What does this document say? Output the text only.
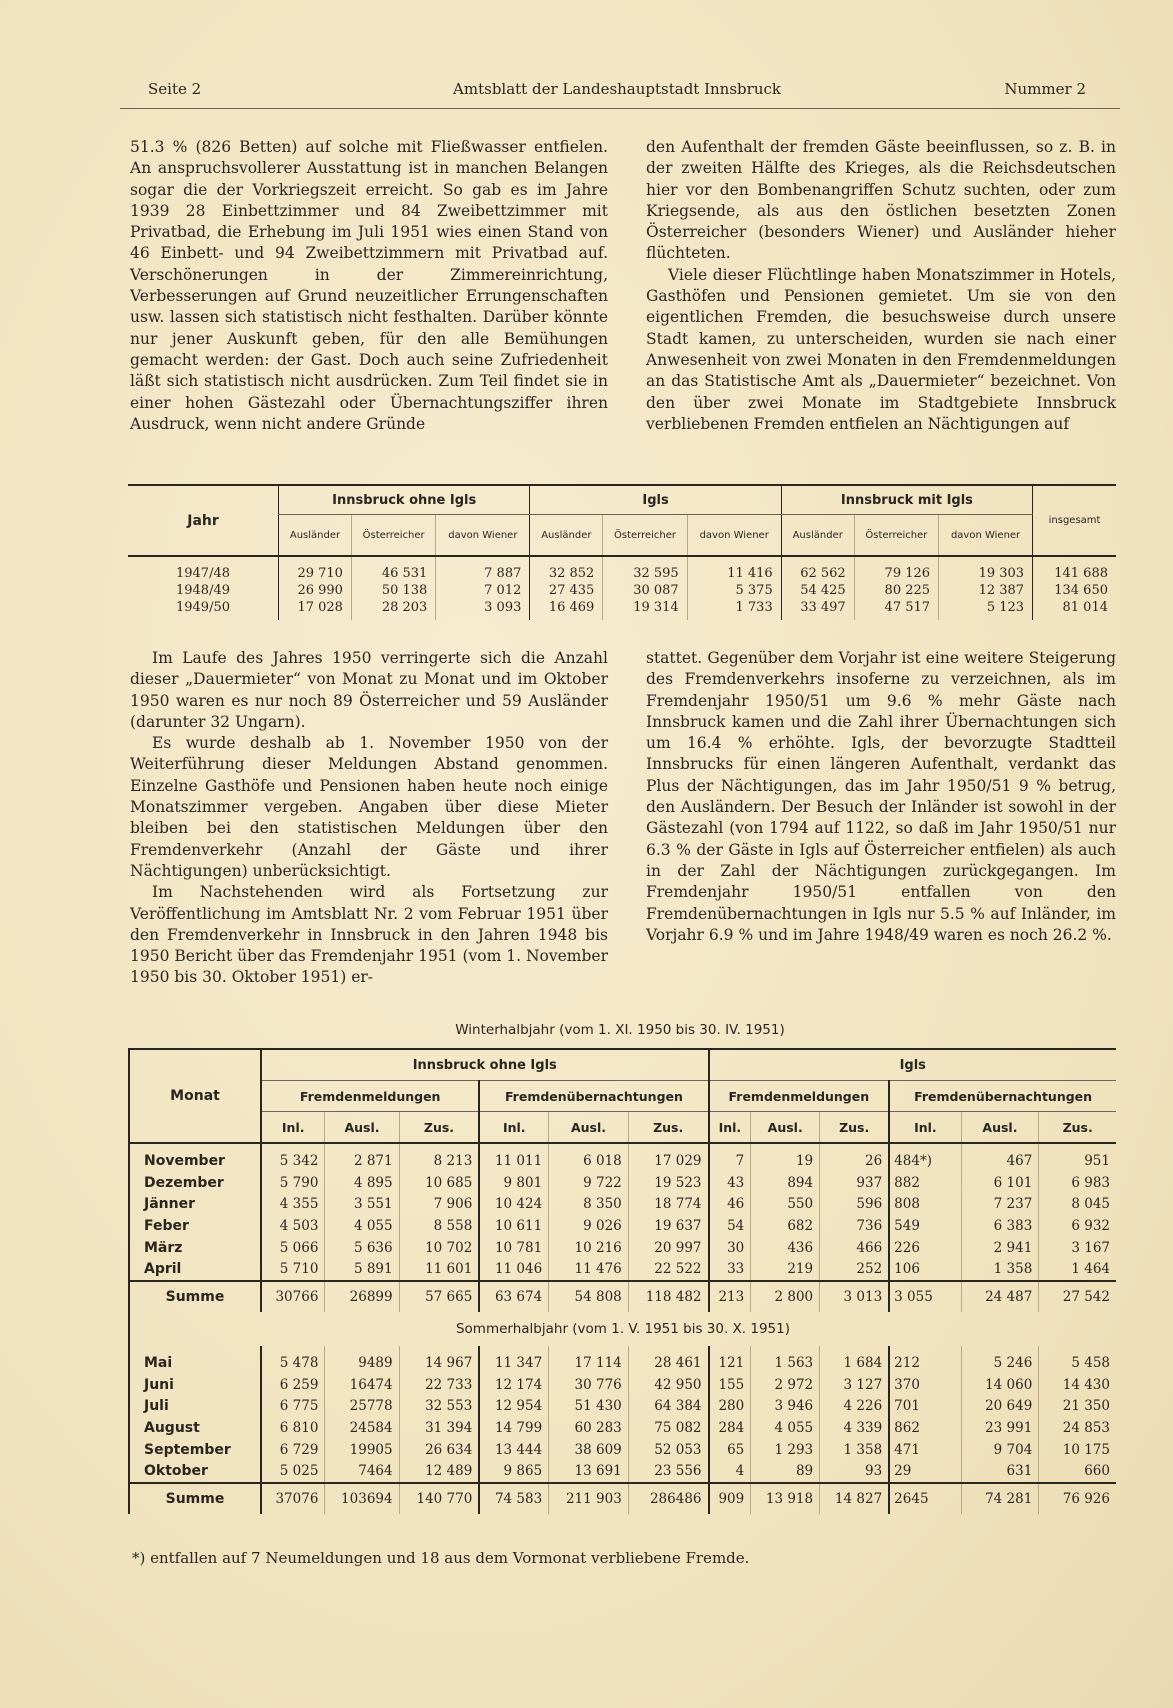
Seite 2	Amtsblatt der Landeshauptstadt Innsbruck	Nummer 2

51.3 % (826 Betten) auf solche mit Fließwasser entfielen. An anspruchsvollerer Ausstattung ist in manchen Belangen sogar die der Vorkriegszeit erreicht. So gab es im Jahre 1939 28 Einbettzimmer und 84 Zweibettzimmer mit Privatbad, die Erhebung im Juli 1951 wies einen Stand von 46 Einbett- und 94 Zweibettzimmern mit Privatbad auf. Verschönerungen in der Zimmereinrichtung, Verbesserungen auf Grund neuzeitlicher Errungenschaften usw. lassen sich statistisch nicht festhalten. Darüber könnte nur jener Auskunft geben, für den alle Bemühungen gemacht werden: der Gast. Doch auch seine Zufriedenheit läßt sich statistisch nicht ausdrücken. Zum Teil findet sie in einer hohen Gästezahl oder Übernachtungsziffer ihren Ausdruck, wenn nicht andere Gründe

den Aufenthalt der fremden Gäste beeinflussen, so z. B. in der zweiten Hälfte des Krieges, als die Reichsdeutschen hier vor den Bombenangriffen Schutz suchten, oder zum Kriegsende, als aus den östlichen besetzten Zonen Österreicher (besonders Wiener) und Ausländer hieher flüchteten.

Viele dieser Flüchtlinge haben Monatszimmer in Hotels, Gasthöfen und Pensionen gemietet. Um sie von den eigentlichen Fremden, die besuchsweise durch unsere Stadt kamen, zu unterscheiden, wurden sie nach einer Anwesenheit von zwei Monaten in den Fremdenmeldungen an das Statistische Amt als „Dauermieter“ bezeichnet. Von den über zwei Monate im Stadtgebiete Innsbruck verbliebenen Fremden entfielen an Nächtigungen auf

Jahr	Innsbruck ohne Igls			Igls			Innsbruck mit Igls			insgesamt
	Ausländer	Österreicher	davon Wiener	Ausländer	Österreicher	davon Wiener	Ausländer	Österreicher	davon Wiener	
1947/48	29 710	46 531	7 887	32 852	32 595	11 416	62 562	79 126	19 303	141 688
1948/49	26 990	50 138	7 012	27 435	30 087	5 375	54 425	80 225	12 387	134 650
1949/50	17 028	28 203	3 093	16 469	19 314	1 733	33 497	47 517	5 123	81 014

Im Laufe des Jahres 1950 verringerte sich die Anzahl dieser „Dauermieter“ von Monat zu Monat und im Oktober 1950 waren es nur noch 89 Österreicher und 59 Ausländer (darunter 32 Ungarn).

Es wurde deshalb ab 1. November 1950 von der Weiterführung dieser Meldungen Abstand genommen. Einzelne Gasthöfe und Pensionen haben heute noch einige Monatszimmer vergeben. Angaben über diese Mieter bleiben bei den statistischen Meldungen über den Fremdenverkehr (Anzahl der Gäste und ihrer Nächtigungen) unberücksichtigt.

Im Nachstehenden wird als Fortsetzung zur Veröffentlichung im Amtsblatt Nr. 2 vom Februar 1951 über den Fremdenverkehr in Innsbruck in den Jahren 1948 bis 1950 Bericht über das Fremdenjahr 1951 (vom 1. November 1950 bis 30. Oktober 1951) er-

stattet. Gegenüber dem Vorjahr ist eine weitere Steigerung des Fremdenverkehrs insoferne zu verzeichnen, als im Fremdenjahr 1950/51 um 9.6 % mehr Gäste nach Innsbruck kamen und die Zahl ihrer Übernachtungen sich um 16.4 % erhöhte. Igls, der bevorzugte Stadtteil Innsbrucks für einen längeren Aufenthalt, verdankt das Plus der Nächtigungen, das im Jahr 1950/51 9 % betrug, den Ausländern. Der Besuch der Inländer ist sowohl in der Gästezahl (von 1794 auf 1122, so daß im Jahr 1950/51 nur 6.3 % der Gäste in Igls auf Österreicher entfielen) als auch in der Zahl der Nächtigungen zurückgegangen. Im Fremdenjahr 1950/51 entfallen von den Fremdenübernachtungen in Igls nur 5.5 % auf Inländer, im Vorjahr 6.9 % und im Jahre 1948/49 waren es noch 26.2 %.

Winterhalbjahr (vom 1. XI. 1950 bis 30. IV. 1951)
Monat	Innsbruck ohne Igls						Igls					
	Fremdenmeldungen			Fremdenübernachtungen			Fremdenmeldungen			Fremdenübernachtungen		
	Inl.	Ausl.	Zus.	Inl.	Ausl.	Zus.	Inl.	Ausl.	Zus.	Inl.	Ausl.	Zus.
November	5 342	2 871	8 213	11 011	6 018	17 029	7	19	26	484*)	467	951
Dezember	5 790	4 895	10 685	9 801	9 722	19 523	43	894	937	882	6 101	6 983
Jänner	4 355	3 551	7 906	10 424	8 350	18 774	46	550	596	808	7 237	8 045
Feber	4 503	4 055	8 558	10 611	9 026	19 637	54	682	736	549	6 383	6 932
März	5 066	5 636	10 702	10 781	10 216	20 997	30	436	466	226	2 941	3 167
April	5 710	5 891	11 601	11 046	11 476	22 522	33	219	252	106	1 358	1 464
Summe	30766	26899	57 665	63 674	54 808	118 482	213	2 800	3 013	3 055	24 487	27 542
Sommerhalbjahr (vom 1. V. 1951 bis 30. X. 1951)												
Mai	5 478	9489	14 967	11 347	17 114	28 461	121	1 563	1 684	212	5 246	5 458
Juni	6 259	16474	22 733	12 174	30 776	42 950	155	2 972	3 127	370	14 060	14 430
Juli	6 775	25778	32 553	12 954	51 430	64 384	280	3 946	4 226	701	20 649	21 350
August	6 810	24584	31 394	14 799	60 283	75 082	284	4 055	4 339	862	23 991	24 853
September	6 729	19905	26 634	13 444	38 609	52 053	65	1 293	1 358	471	9 704	10 175
Oktober	5 025	7464	12 489	9 865	13 691	23 556	4	89	93	29	631	660
Summe	37076	103694	140 770	74 583	211 903	286486	909	13 918	14 827	2645	74 281	76 926
*) entfallen auf 7 Neumeldungen und 18 aus dem Vormonat verbliebene Fremde.
